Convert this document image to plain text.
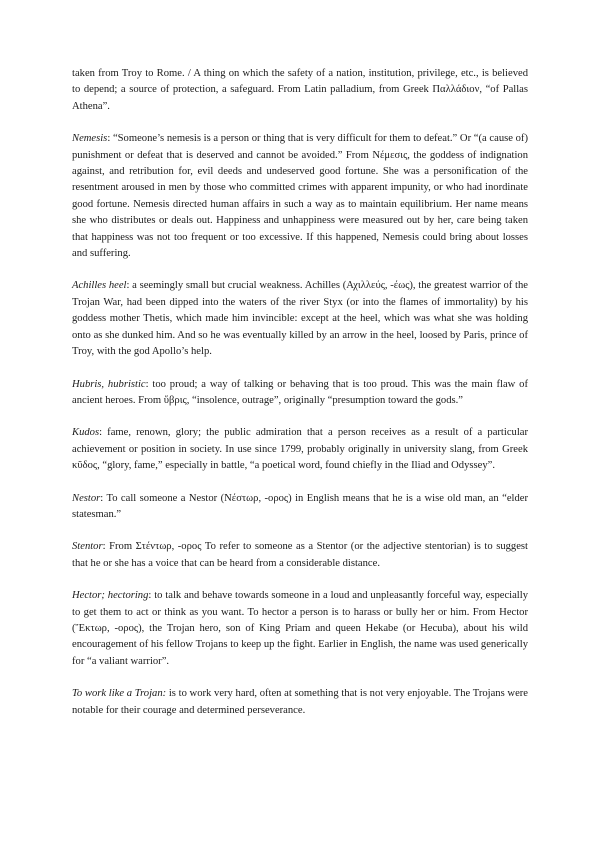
taken from Troy to Rome. / A thing on which the safety of a nation, institution, privilege, etc., is believed to depend; a source of protection, a safeguard. From Latin palladium, from Greek Παλλάδιον, “of Pallas Athena”.

Nemesis: “Someone’s nemesis is a person or thing that is very difficult for them to defeat.” Or “(a cause of) punishment or defeat that is deserved and cannot be avoided.” From Νέμεσις, the goddess of indignation against, and retribution for, evil deeds and undeserved good fortune. She was a personification of the resentment aroused in men by those who committed crimes with apparent impunity, or who had inordinate good fortune. Nemesis directed human affairs in such a way as to maintain equilibrium. Her name means she who distributes or deals out. Happiness and unhappiness were measured out by her, care being taken that happiness was not too frequent or too excessive. If this happened, Nemesis could bring about losses and suffering.

Achilles heel: a seemingly small but crucial weakness. Achilles (Αχιλλεύς, -έως), the greatest warrior of the Trojan War, had been dipped into the waters of the river Styx (or into the flames of immortality) by his goddess mother Thetis, which made him invincible: except at the heel, which was what she was holding onto as she dunked him. And so he was eventually killed by an arrow in the heel, loosed by Paris, prince of Troy, with the god Apollo’s help.

Hubris, hubristic: too proud; a way of talking or behaving that is too proud. This was the main flaw of ancient heroes. From ὕβρις, “insolence, outrage”, originally “presumption toward the gods.”

Kudos: fame, renown, glory; the public admiration that a person receives as a result of a particular achievement or position in society. In use since 1799, probably originally in university slang, from Greek κῦδος, “glory, fame,” especially in battle, “a poetical word, found chiefly in the Iliad and Odyssey”.

Nestor: To call someone a Nestor (Νέστωρ, -ορος) in English means that he is a wise old man, an “elder statesman.”

Stentor: From Στέντωρ, -ορος To refer to someone as a Stentor (or the adjective stentorian) is to suggest that he or she has a voice that can be heard from a considerable distance.

Hector; hectoring: to talk and behave towards someone in a loud and unpleasantly forceful way, especially to get them to act or think as you want. To hector a person is to harass or bully her or him. From Hector (Ἕκτωρ, -ορος), the Trojan hero, son of King Priam and queen Hekabe (or Hecuba), about his wild encouragement of his fellow Trojans to keep up the fight. Earlier in English, the name was used generically for “a valiant warrior”.

To work like a Trojan: is to work very hard, often at something that is not very enjoyable. The Trojans were notable for their courage and determined perseverance.
